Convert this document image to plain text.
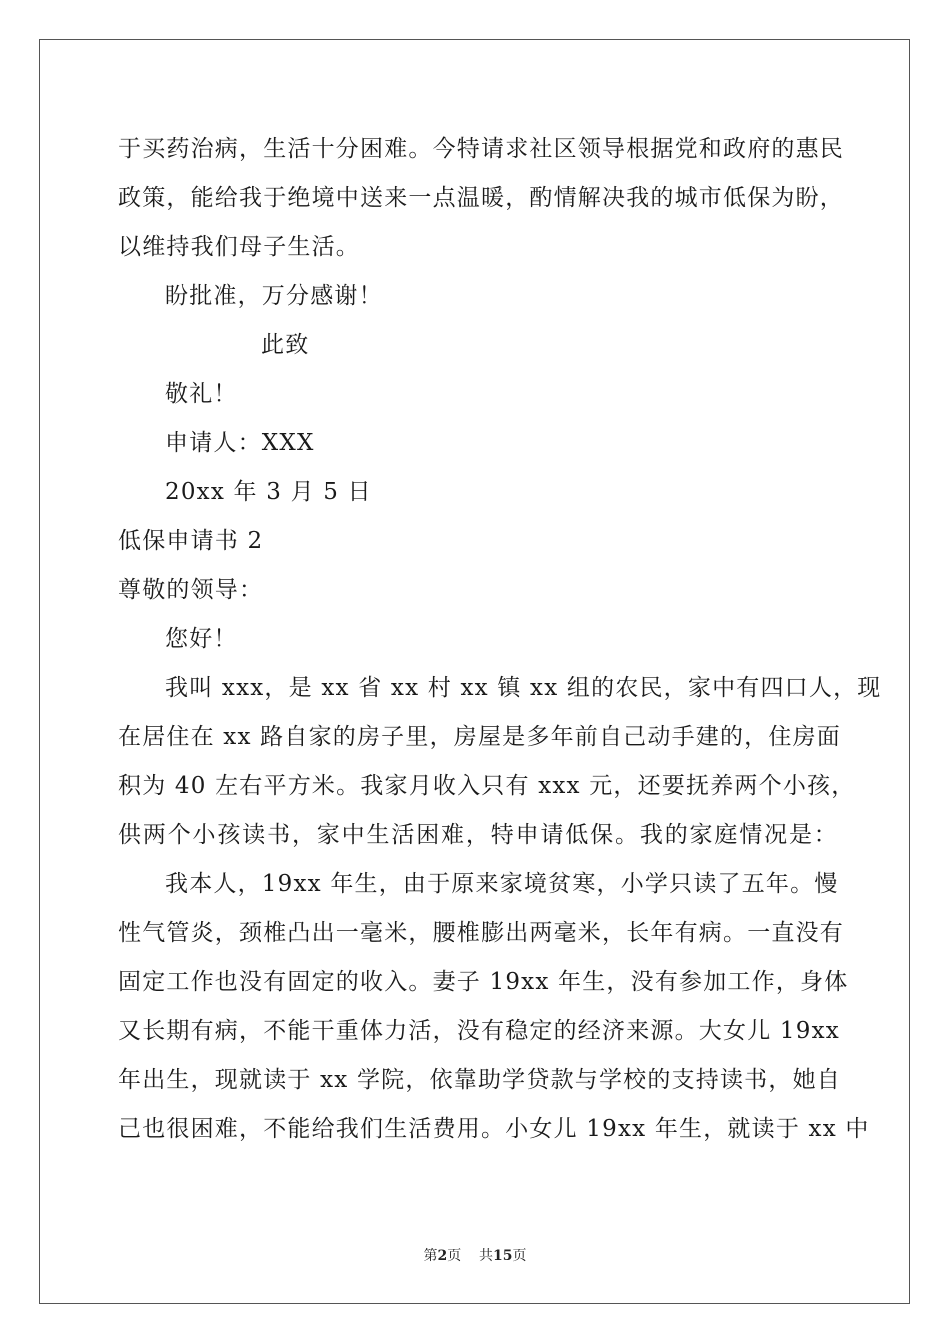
于买药治病，生活十分困难。今特请求社区领导根据党和政府的惠民
政策，能给我于绝境中送来一点温暖，酌情解决我的城市低保为盼，
以维持我们母子生活。
盼批准，万分感谢！
此致
敬礼！
申请人：XXX
20xx 年 3 月 5 日
低保申请书 2
尊敬的领导：
您好！
我叫 xxx，是 xx 省 xx 村 xx 镇 xx 组的农民，家中有四口人，现
在居住在 xx 路自家的房子里，房屋是多年前自己动手建的，住房面
积为 40 左右平方米。我家月收入只有 xxx 元，还要抚养两个小孩，
供两个小孩读书，家中生活困难，特申请低保。我的家庭情况是：
我本人，19xx 年生，由于原来家境贫寒，小学只读了五年。慢
性气管炎，颈椎凸出一毫米，腰椎膨出两毫米，长年有病。一直没有
固定工作也没有固定的收入。妻子 19xx 年生，没有参加工作，身体
又长期有病，不能干重体力活，没有稳定的经济来源。大女儿 19xx
年出生，现就读于 xx 学院，依靠助学贷款与学校的支持读书，她自
己也很困难，不能给我们生活费用。小女儿 19xx 年生，就读于 xx 中
第2页 共15页
